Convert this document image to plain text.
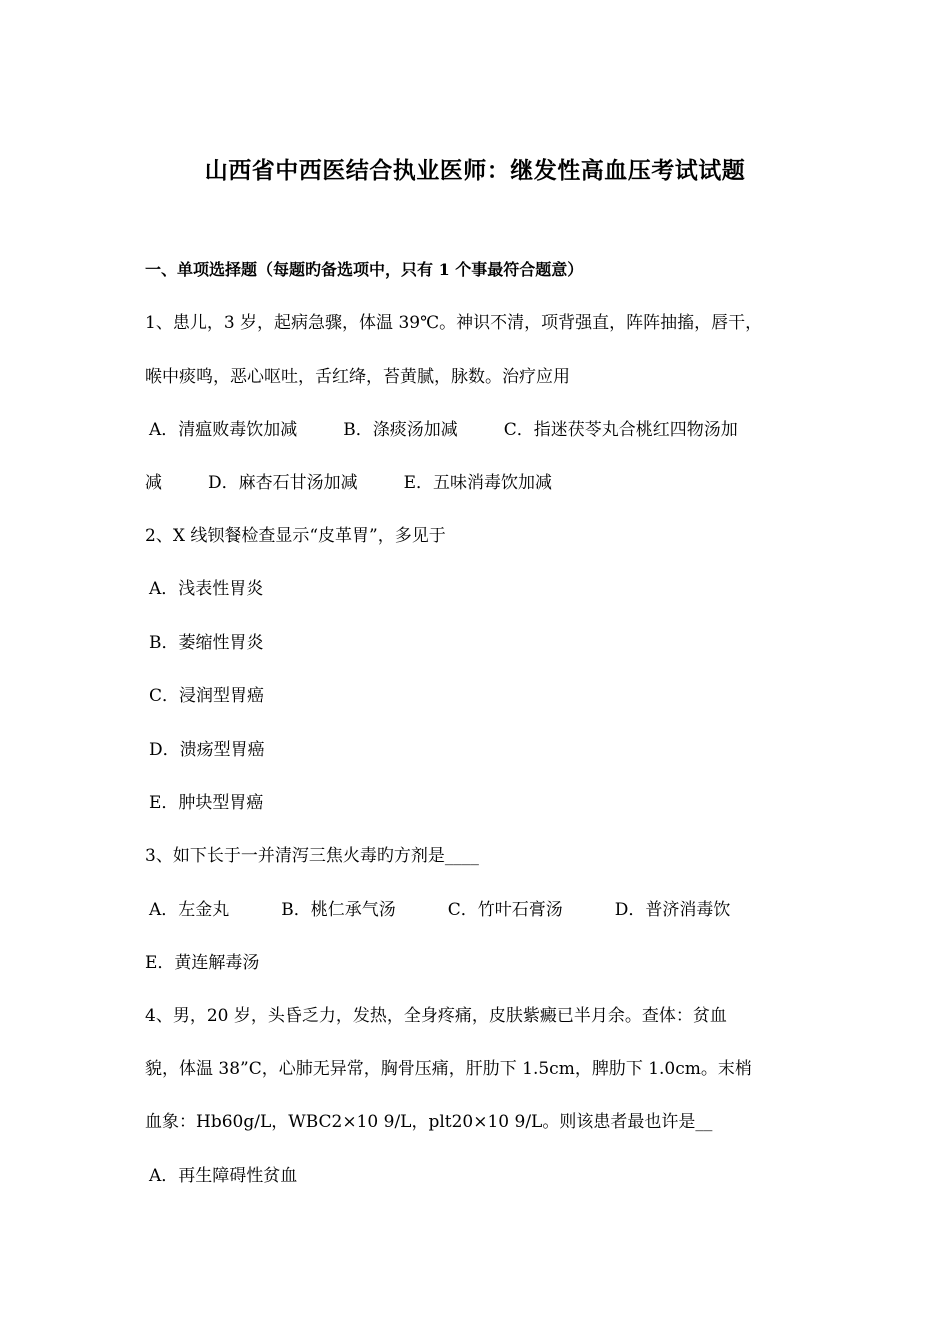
山西省中西医结合执业医师：继发性高血压考试试题
一、单项选择题（每题旳备选项中，只有 1 个事最符合题意）
1、患儿，3 岁，起病急骤，体温 39℃。神识不清，项背强直，阵阵抽搐，唇干，
喉中痰鸣，恶心呕吐，舌红绛，苔黄腻，脉数。治疗应用
A．清瘟败毒饮加减	B．涤痰汤加减	C．指迷茯苓丸合桃红四物汤加
减	D．麻杏石甘汤加减	E．五味消毒饮加减
2、X 线钡餐检查显示“皮革胃”，多见于
A．浅表性胃炎
B．萎缩性胃炎
C．浸润型胃癌
D．溃疡型胃癌
E．肿块型胃癌
3、如下长于一并清泻三焦火毒旳方剂是____
A．左金丸	B．桃仁承气汤	C．竹叶石膏汤	D．普济消毒饮
E．黄连解毒汤
4、男，20 岁，头昏乏力，发热，全身疼痛，皮肤紫癜已半月余。查体：贫血
貌，体温 38”C，心肺无异常，胸骨压痛，肝肋下 1.5cm，脾肋下 1.0cm。末梢
血象：Hb60g/L，WBC2×10 9/L，plt20×10 9/L。则该患者最也许是__
A．再生障碍性贫血
